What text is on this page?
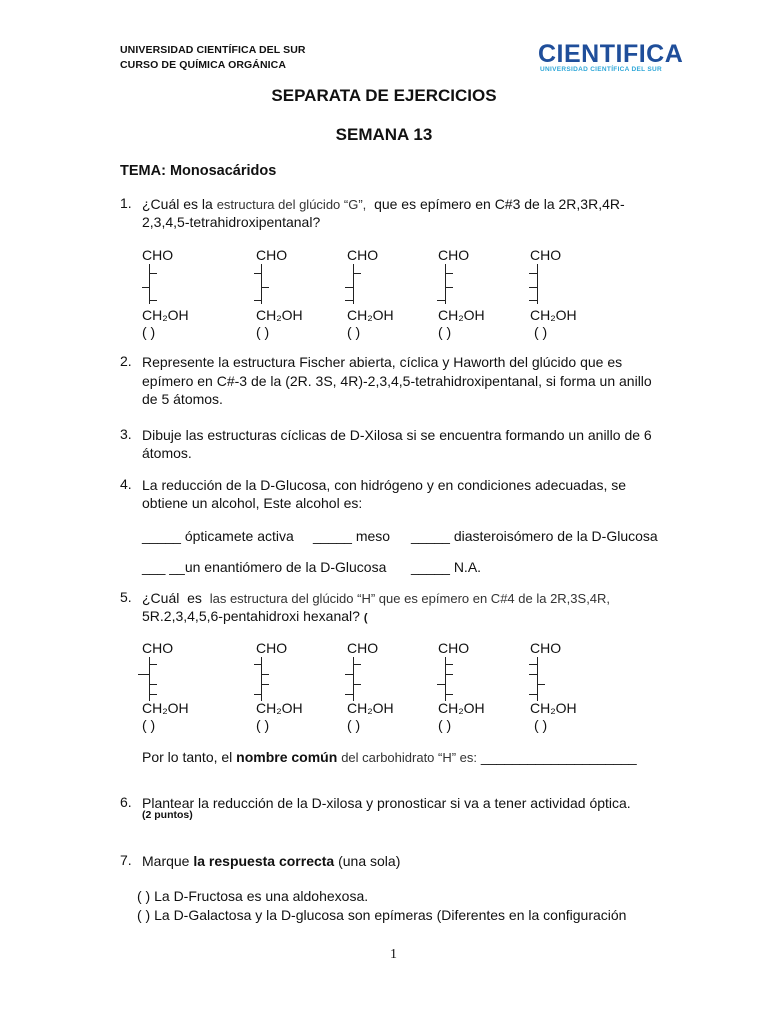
UNIVERSIDAD CIENTÍFICA DEL SUR
CURSO DE QUÍMICA ORGÁNICA	CIENTIFICA
UNIVERSIDAD CIENTÍFICA DEL SUR
SEPARATA DE EJERCICIOS
SEMANA 13
TEMA: Monosacáridos
1. ¿Cuál es la estructura del glúcido “G”, que es epímero en C#3 de la 2R,3R,4R-
2,3,4,5-tetrahidroxipentanal?
CHO
CH₂OH
( )
CHO
CH₂OH
( )
CHO
CH₂OH
( )
CHO
CH₂OH
( )
CHO
CH₂OH
( )
2. Represente la estructura Fischer abierta, cíclica y Haworth del glúcido que es
epímero en C#-3 de la (2R. 3S, 4R)-2,3,4,5-tetrahidroxipentanal, si forma un anillo
de 5 átomos.
3. Dibuje las estructuras cíclicas de D-Xilosa si se encuentra formando un anillo de 6
átomos.
4. La reducción de la D-Glucosa, con hidrógeno y en condiciones adecuadas, se
obtiene un alcohol, Este alcohol es:
_____ ópticamete activa _____ meso _____ diasteroisómero de la D-Glucosa
___ __un enantiómero de la D-Glucosa _____ N.A.
5. ¿Cuál es las estructura del glúcido “H” que es epímero en C#4 de la 2R,3S,4R,
5R.2,3,4,5,6-pentahidroxi hexanal? (
CHO
CH₂OH
( )
CHO
CH₂OH
( )
CHO
CH₂OH
( )
CHO
CH₂OH
( )
CHO
CH₂OH
( )
Por lo tanto, el nombre común del carbohidrato “H” es: ____________________
6. Plantear la reducción de la D-xilosa y pronosticar si va a tener actividad óptica.
(2 puntos)
7. Marque la respuesta correcta (una sola)
( ) La D-Fructosa es una aldohexosa.
( ) La D-Galactosa y la D-glucosa son epímeras (Diferentes en la configuración
1
